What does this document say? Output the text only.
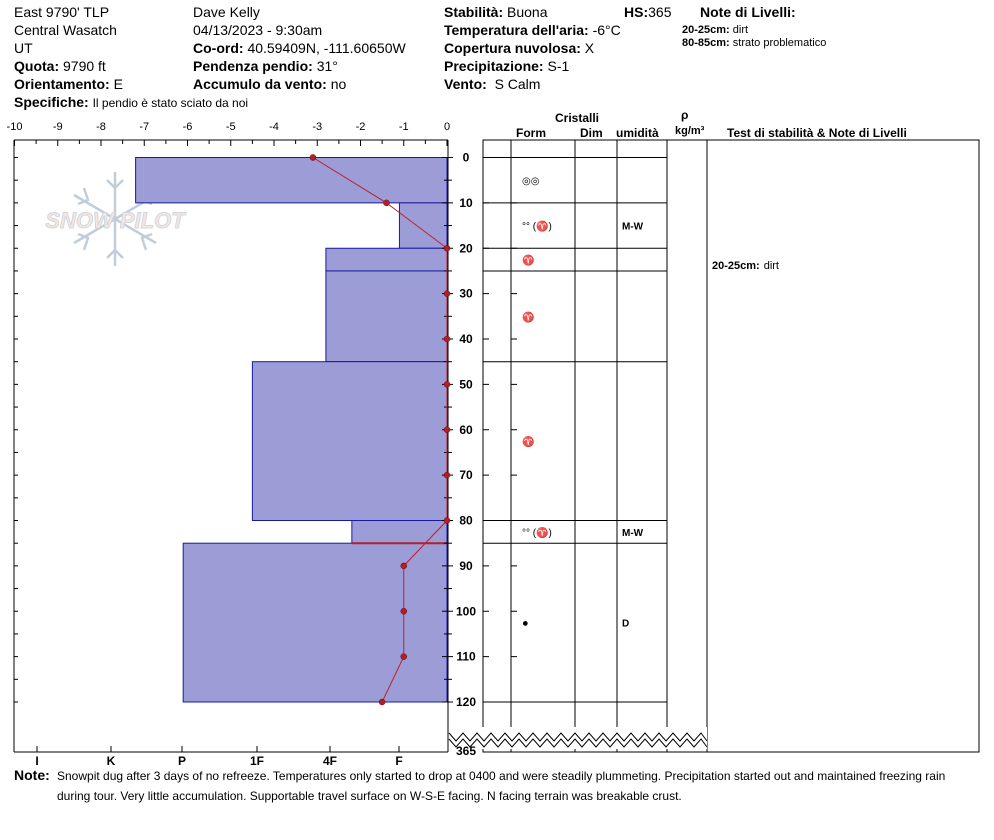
East 9790' TLP
Central Wasatch
UT
Quota: 9790 ft
Orientamento: E
Specifiche: Il pendio è stato sciato da noi
Dave Kelly
04/13/2023 - 9:30am
Co-ord: 40.59409N, -111.60650W
Pendenza pendio: 31°
Accumulo da vento: no
Stabilità: Buona
Temperatura dell'aria: -6°C
Copertura nuvolosa: X
Precipitazione: S-1
Vento: S Calm
HS:365 Note di Livelli:
20-25cm: dirt
80-85cm: strato problematico
Cristalli
Form	Dim umidità
ρ
kg/m³ Test di stabilità & Note di Livelli
SNOW PILOT
-10	-9	-8	-7	-6	-5	-4	-3	-2	-1	0
I	K	P	1F	4F	F
0
10
20
30
40
50
60
70
80
90
100
110
120
365
◎◎
°° (♈)	M-W
♈
♈
♈
°° (♈)	M-W
●	D
20-25cm: dirt
Note: Snowpit dug after 3 days of no refreeze. Temperatures only started to drop at 0400 and were steadily plummeting. Precipitation started out and maintained freezing rain
during tour. Very little accumulation. Supportable travel surface on W-S-E facing. N facing terrain was breakable crust.
